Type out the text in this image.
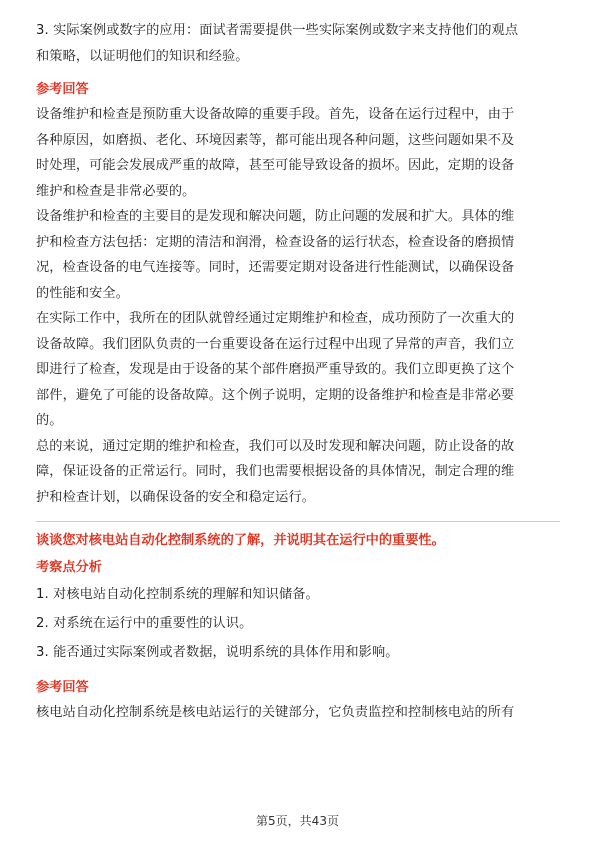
3. 实际案例或数字的应用：面试者需要提供一些实际案例或数字来支持他们的观点

和策略，以证明他们的知识和经验。

参考回答

设备维护和检查是预防重大设备故障的重要手段。首先，设备在运行过程中，由于

各种原因，如磨损、老化、环境因素等，都可能出现各种问题，这些问题如果不及

时处理，可能会发展成严重的故障，甚至可能导致设备的损坏。因此，定期的设备

维护和检查是非常必要的。

设备维护和检查的主要目的是发现和解决问题，防止问题的发展和扩大。具体的维

护和检查方法包括：定期的清洁和润滑，检查设备的运行状态，检查设备的磨损情

况，检查设备的电气连接等。同时，还需要定期对设备进行性能测试，以确保设备

的性能和安全。

在实际工作中，我所在的团队就曾经通过定期维护和检查，成功预防了一次重大的

设备故障。我们团队负责的一台重要设备在运行过程中出现了异常的声音，我们立

即进行了检查，发现是由于设备的某个部件磨损严重导致的。我们立即更换了这个

部件，避免了可能的设备故障。这个例子说明，定期的设备维护和检查是非常必要

的。

总的来说，通过定期的维护和检查，我们可以及时发现和解决问题，防止设备的故

障，保证设备的正常运行。同时，我们也需要根据设备的具体情况，制定合理的维

护和检查计划，以确保设备的安全和稳定运行。

谈谈您对核电站自动化控制系统的了解，并说明其在运行中的重要性。
考察点分析

1. 对核电站自动化控制系统的理解和知识储备。

2. 对系统在运行中的重要性的认识。

3. 能否通过实际案例或者数据，说明系统的具体作用和影响。

参考回答

核电站自动化控制系统是核电站运行的关键部分，它负责监控和控制核电站的所有

第5页，共43页
